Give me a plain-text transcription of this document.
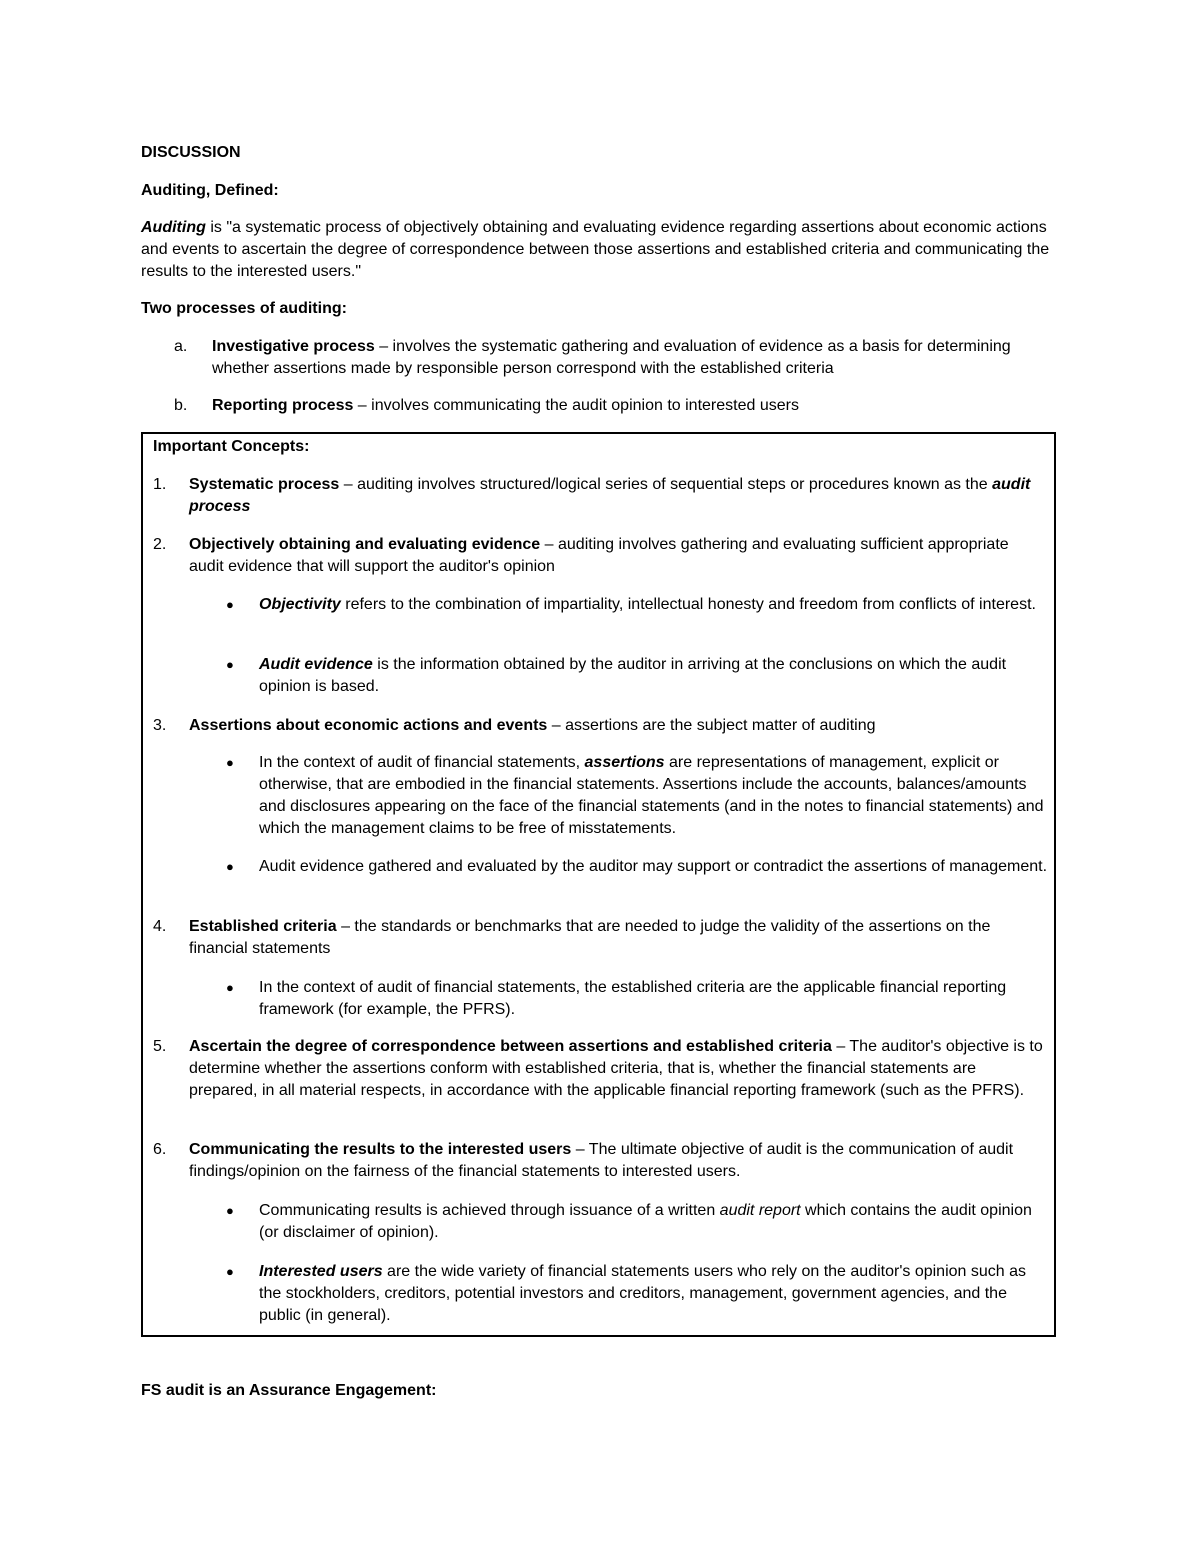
DISCUSSION
Auditing, Defined:

Auditing is "a systematic process of objectively obtaining and evaluating evidence regarding assertions about economic actions and events to ascertain the degree of correspondence between those assertions and established criteria and communicating the results to the interested users."

Two processes of auditing:
a. Investigative process – involves the systematic gathering and evaluation of evidence as a basis for determining whether assertions made by responsible person correspond with the established criteria
b. Reporting process – involves communicating the audit opinion to interested users
Important Concepts:
1. Systematic process – auditing involves structured/logical series of sequential steps or procedures known as the audit process
2. Objectively obtaining and evaluating evidence – auditing involves gathering and evaluating sufficient appropriate audit evidence that will support the auditor's opinion
● Objectivity refers to the combination of impartiality, intellectual honesty and freedom from conflicts of interest.
● Audit evidence is the information obtained by the auditor in arriving at the conclusions on which the audit opinion is based.
3. Assertions about economic actions and events – assertions are the subject matter of auditing
● In the context of audit of financial statements, assertions are representations of management, explicit or otherwise, that are embodied in the financial statements. Assertions include the accounts, balances/amounts and disclosures appearing on the face of the financial statements (and in the notes to financial statements) and which the management claims to be free of misstatements.
● Audit evidence gathered and evaluated by the auditor may support or contradict the assertions of management.
4. Established criteria – the standards or benchmarks that are needed to judge the validity of the assertions on the financial statements
● In the context of audit of financial statements, the established criteria are the applicable financial reporting framework (for example, the PFRS).
5. Ascertain the degree of correspondence between assertions and established criteria – The auditor's objective is to determine whether the assertions conform with established criteria, that is, whether the financial statements are prepared, in all material respects, in accordance with the applicable financial reporting framework (such as the PFRS).
6. Communicating the results to the interested users – The ultimate objective of audit is the communication of audit findings/opinion on the fairness of the financial statements to interested users.
● Communicating results is achieved through issuance of a written audit report which contains the audit opinion (or disclaimer of opinion).
● Interested users are the wide variety of financial statements users who rely on the auditor's opinion such as the stockholders, creditors, potential investors and creditors, management, government agencies, and the public (in general).
FS audit is an Assurance Engagement:
